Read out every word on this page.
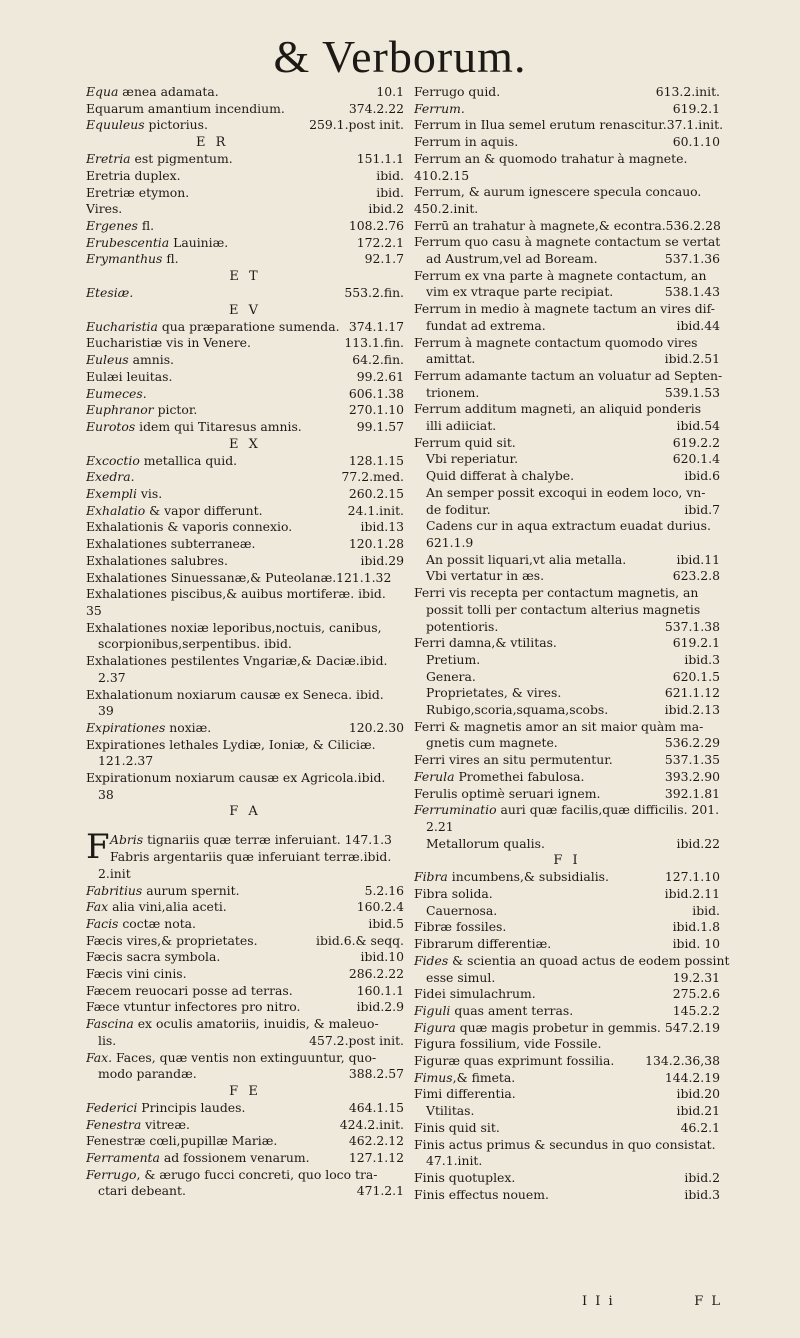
& Verborum.
Equa ænea adamata.	10.1
Equarum amantium incendium.	374.2.22
Equuleus pictorius.	259.1.post init.
E R
Eretria est pigmentum.	151.1.1
Eretria duplex.	ibid.
Eretriæ etymon.	ibid.
Vires.	ibid.2
Ergenes fl.	108.2.76
Erubescentia Lauiniæ.	172.2.1
Erymanthus fl.	92.1.7
E T
Etesiæ.	553.2.fin.
E V
Eucharistia qua præparatione sumenda. 374.1.17
Eucharistiæ vis in Venere.	113.1.fin.
Euleus amnis.	64.2.fin.
Eulæi leuitas.	99.2.61
Eumeces.	606.1.38
Euphranor pictor.	270.1.10
Eurotos idem qui Titaresus amnis.	99.1.57
E X
Excoctio metallica quid.	128.1.15
Exedra.	77.2.med.
Exempli vis.	260.2.15
Exhalatio & vapor differunt.	24.1.init.
Exhalationis & vaporis connexio.	ibid.13
Exhalationes subterraneæ.	120.1.28
Exhalationes salubres.	ibid.29
Exhalationes Sinuessanæ,& Puteolanæ.121.1.32
Exhalationes piscibus,& auibus mortiferæ. ibid.
35
Exhalationes noxiæ leporibus,noctuis, canibus,
scorpionibus,serpentibus. ibid.
Exhalationes pestilentes Vngariæ,& Daciæ.ibid.
2.37
Exhalationum noxiarum causæ ex Seneca. ibid.
39
Expirationes noxiæ.	120.2.30
Expirationes lethales Lydiæ, Ioniæ, & Ciliciæ.
121.2.37
Expirationum noxiarum causæ ex Agricola.ibid.
38
F A
F Abris tignariis quæ terræ inferuiant. 147.1.3
Fabris argentariis quæ inferuiant terræ.ibid.
2.init
Fabritius aurum spernit.	5.2.16
Fax alia vini,alia aceti.	160.2.4
Facis coctæ nota.	ibid.5
Fæcis vires,& proprietates.	ibid.6.& seqq.
Fæcis sacra symbola.	ibid.10
Fæcis vini cinis.	286.2.22
Fæcem reuocari posse ad terras.	160.1.1
Fæce vtuntur infectores pro nitro.	ibid.2.9
Fascina ex oculis amatoriis, inuidis, & maleuo-
lis.	457.2.post init.
Fax. Faces, quæ ventis non extinguuntur, quo-
modo parandæ.	388.2.57
F E
Federici Principis laudes.	464.1.15
Fenestra vitreæ.	424.2.init.
Fenestræ cœli,pupillæ Mariæ.	462.2.12
Ferramenta ad fossionem venarum.	127.1.12
Ferrugo, & ærugo fucci concreti, quo loco tra-
ctari debeant.	471.2.1
Ferrugo quid.	613.2.init.
Ferrum.	619.2.1
Ferrum in Ilua semel erutum renascitur.37.1.init.
Ferrum in aquis.	60.1.10
Ferrum an & quomodo trahatur à magnete.
410.2.15
Ferrum, & aurum ignescere specula concauo.
450.2.init.
Ferrū an trahatur à magnete,& econtra.536.2.28
Ferrum quo casu à magnete contactum se vertat
ad Austrum,vel ad Boream.	537.1.36
Ferrum ex vna parte à magnete contactum, an
vim ex vtraque parte recipiat.	538.1.43
Ferrum in medio à magnete tactum an vires dif-
fundat ad extrema.	ibid.44
Ferrum à magnete contactum quomodo vires
amittat.	ibid.2.51
Ferrum adamante tactum an voluatur ad Septen-
trionem.	539.1.53
Ferrum additum magneti, an aliquid ponderis
illi adiiciat.	ibid.54
Ferrum quid sit.	619.2.2
Vbi reperiatur.	620.1.4
Quid differat à chalybe.	ibid.6
An semper possit excoqui in eodem loco, vn-
de foditur.	ibid.7
Cadens cur in aqua extractum euadat durius.
621.1.9
An possit liquari,vt alia metalla.	ibid.11
Vbi vertatur in æs.	623.2.8
Ferri vis recepta per contactum magnetis, an
possit tolli per contactum alterius magnetis
potentioris.	537.1.38
Ferri damna,& vtilitas.	619.2.1
Pretium.	ibid.3
Genera.	620.1.5
Proprietates, & vires.	621.1.12
Rubigo,scoria,squama,scobs.	ibid.2.13
Ferri & magnetis amor an sit maior quàm ma-
gnetis cum magnete.	536.2.29
Ferri vires an situ permutentur.	537.1.35
Ferula Promethei fabulosa.	393.2.90
Ferulis optimè seruari ignem.	392.1.81
Ferruminatio auri quæ facilis,quæ difficilis. 201.
2.21
Metallorum qualis.	ibid.22
F I
Fibra incumbens,& subsidialis.	127.1.10
Fibra solida.	ibid.2.11
Cauernosa.	ibid.
Fibræ fossiles.	ibid.1.8
Fibrarum differentiæ.	ibid. 10
Fides & scientia an quoad actus de eodem possint
esse simul.	19.2.31
Fidei simulachrum.	275.2.6
Figuli quas ament terras.	145.2.2
Figura quæ magis probetur in gemmis. 547.2.19
Figura fossilium, vide Fossile.
Figuræ quas exprimunt fossilia.	134.2.36,38
Fimus,& fimeta.	144.2.19
Fimi differentia.	ibid.20
Vtilitas.	ibid.21
Finis quid sit.	46.2.1
Finis actus primus & secundus in quo consistat.
47.1.init.
Finis quotuplex.	ibid.2
Finis effectus nouem.	ibid.3
I I i	F L
